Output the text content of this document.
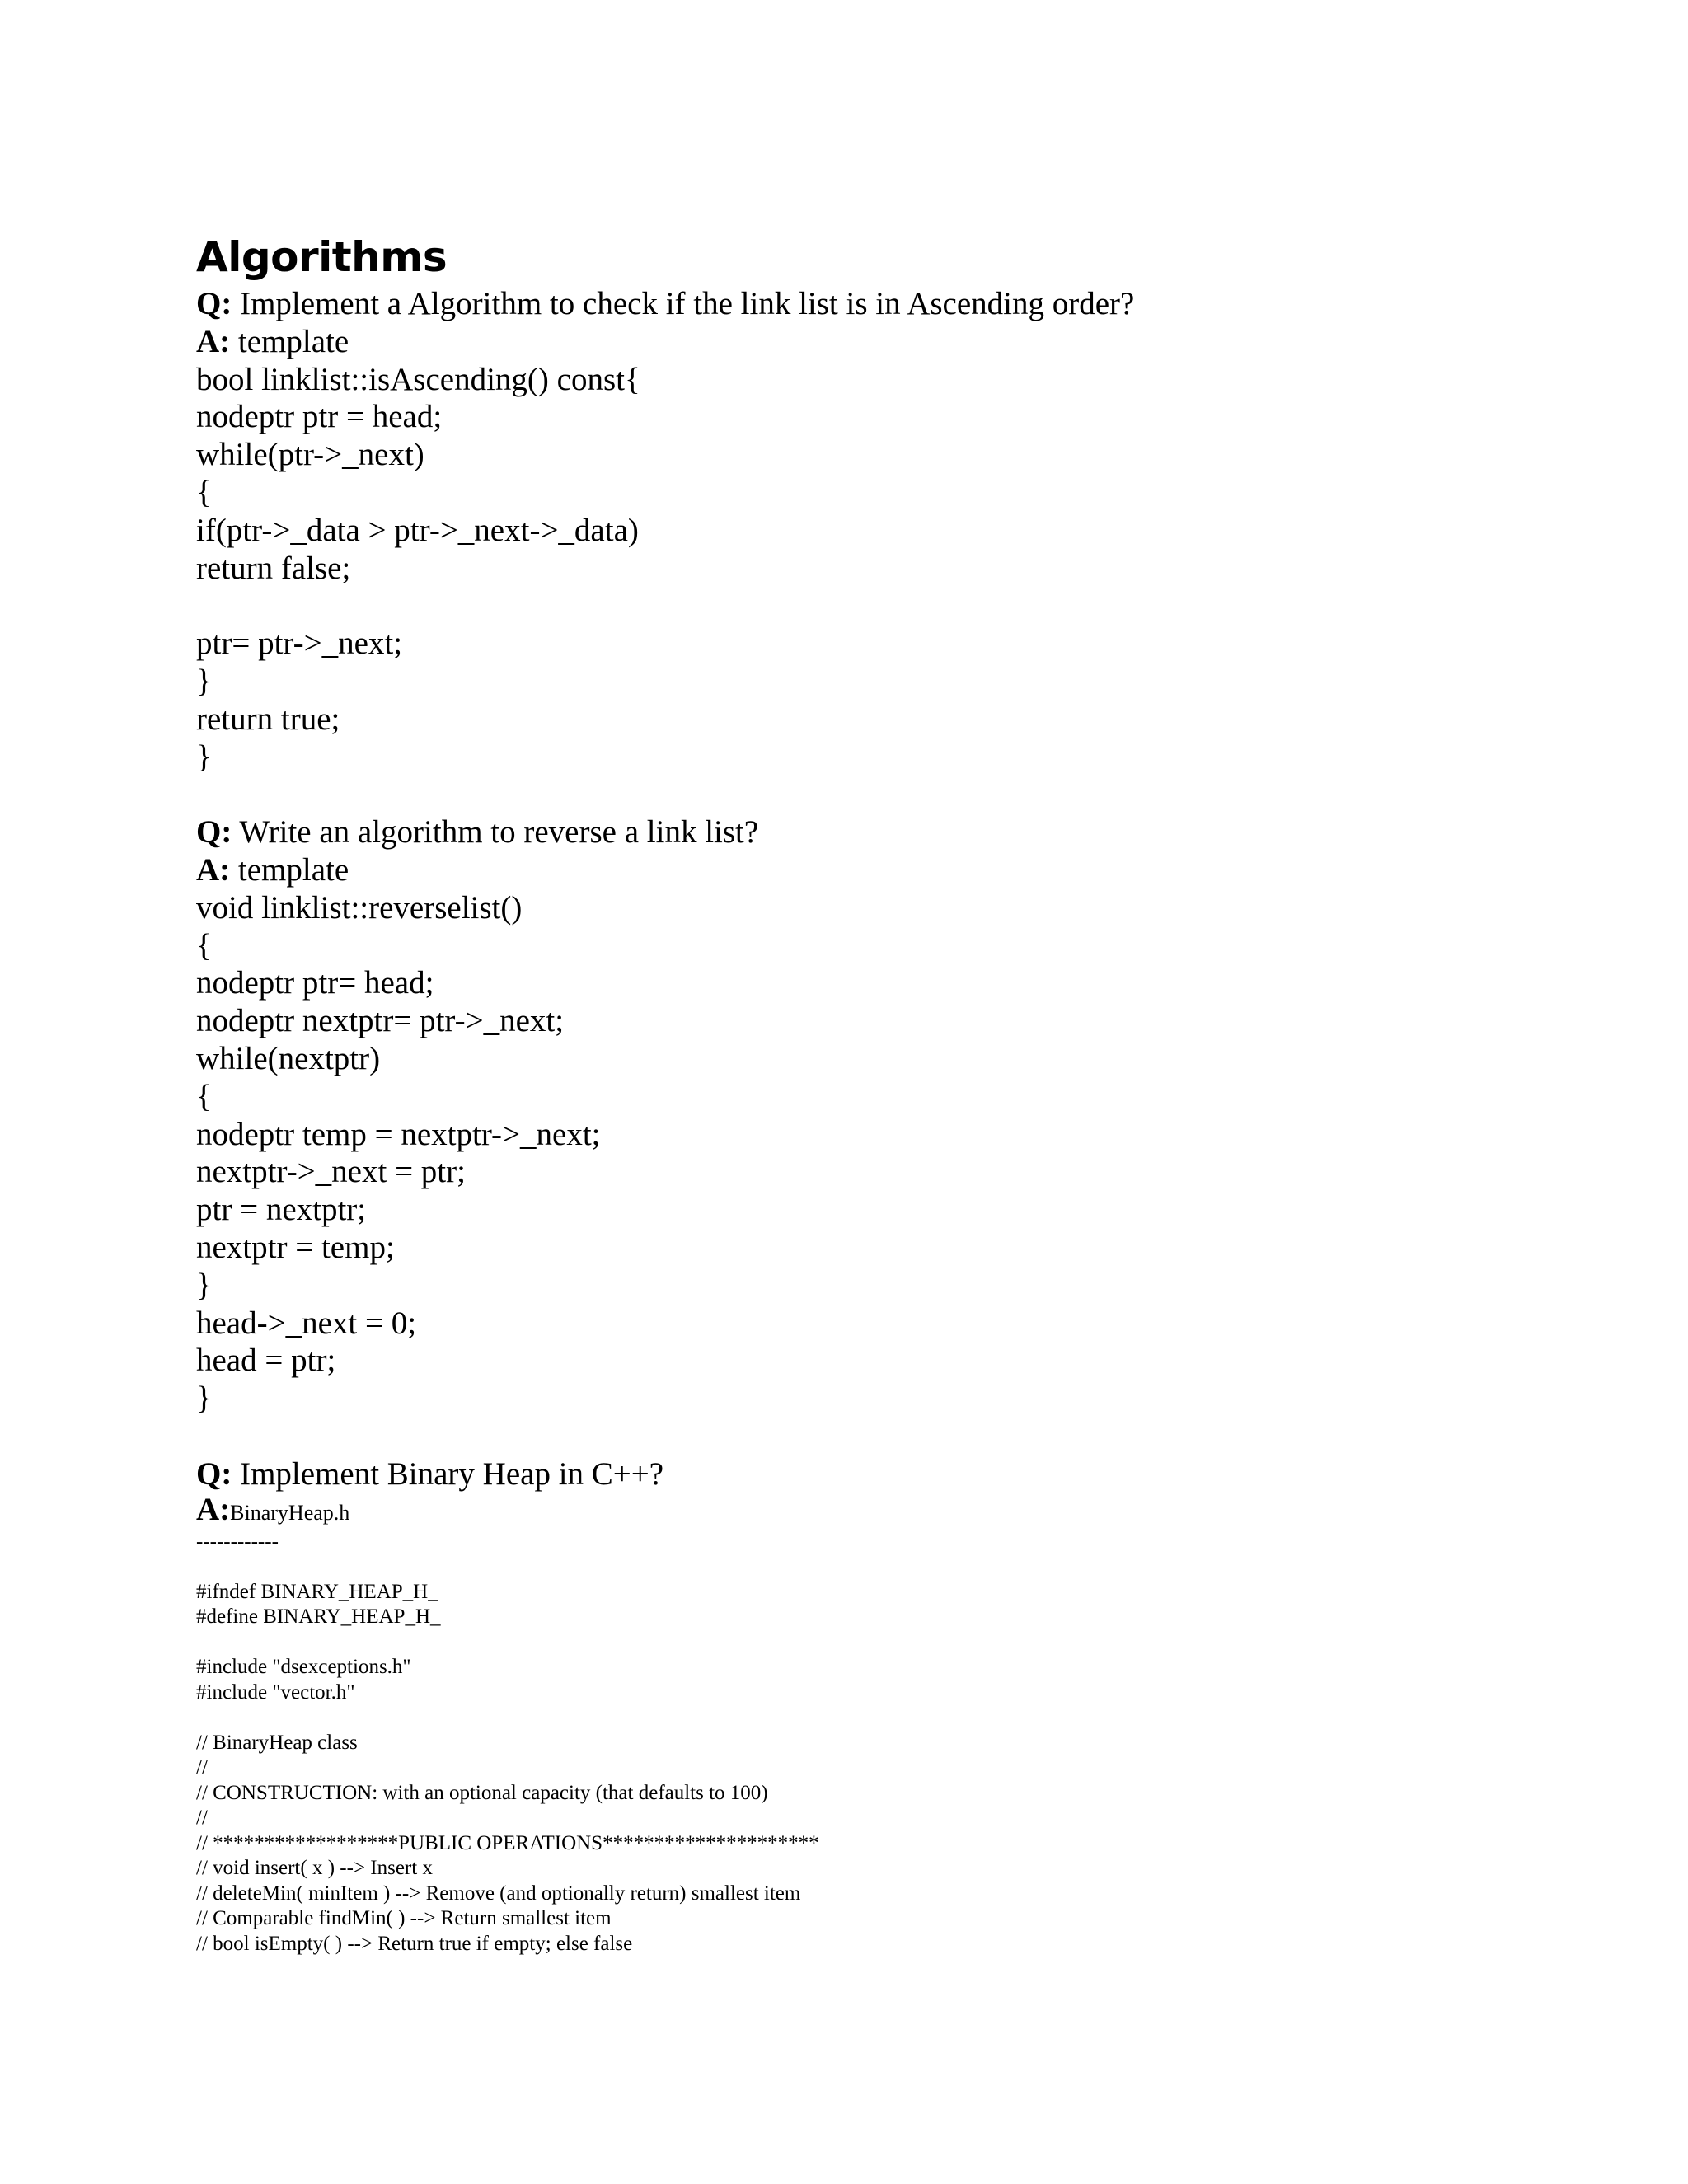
Algorithms
Q: Implement a Algorithm to check if the link list is in Ascending order?
A: template
bool linklist::isAscending() const{
nodeptr ptr = head;
while(ptr->_next)
{
if(ptr->_data > ptr->_next->_data)
return false;
ptr= ptr->_next;
}
return true;
}
Q: Write an algorithm to reverse a link list?
A: template
void linklist::reverselist()
{
nodeptr ptr= head;
nodeptr nextptr= ptr->_next;
while(nextptr)
{
nodeptr temp = nextptr->_next;
nextptr->_next = ptr;
ptr = nextptr;
nextptr = temp;
}
head->_next = 0;
head = ptr;
}
Q: Implement Binary Heap in C++?
A:BinaryHeap.h
------------
#ifndef BINARY_HEAP_H_
#define BINARY_HEAP_H_
#include "dsexceptions.h"
#include "vector.h"
// BinaryHeap class
//
// CONSTRUCTION: with an optional capacity (that defaults to 100)
//
// ******************PUBLIC OPERATIONS*********************
// void insert( x ) --> Insert x
// deleteMin( minItem ) --> Remove (and optionally return) smallest item
// Comparable findMin( ) --> Return smallest item
// bool isEmpty( ) --> Return true if empty; else false
